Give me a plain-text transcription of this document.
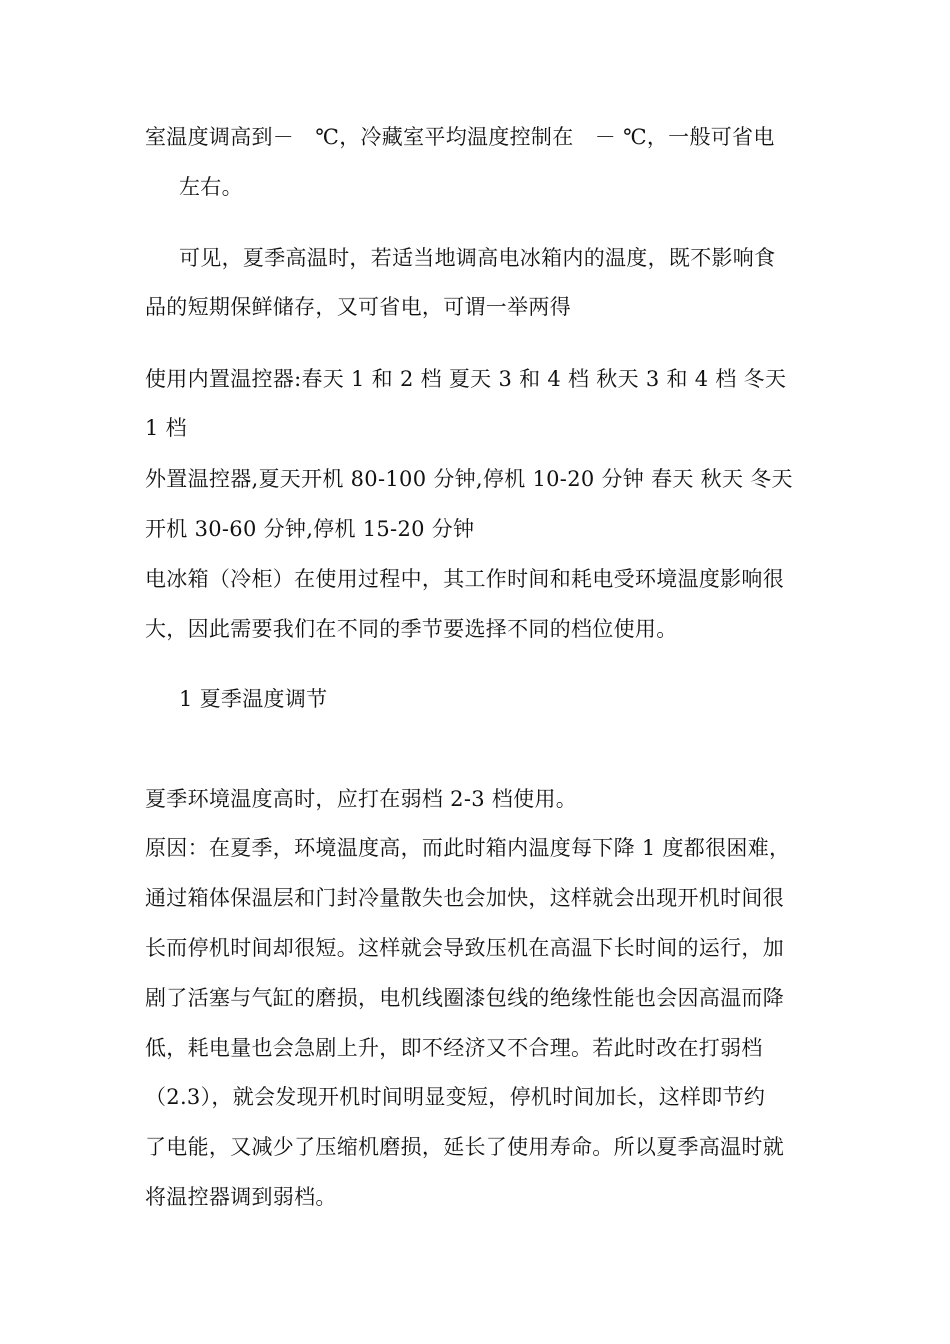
室温度调高到－　℃，冷藏室平均温度控制在　－ ℃，一般可省电
左右。
可见，夏季高温时，若适当地调高电冰箱内的温度，既不影响食
品的短期保鲜储存，又可省电，可谓一举两得
使用内置温控器:春天 1 和 2 档 夏天 3 和 4 档 秋天 3 和 4 档 冬天
1 档
外置温控器,夏天开机 80-100 分钟,停机 10-20 分钟 春天 秋天 冬天
开机 30-60 分钟,停机 15-20 分钟
电冰箱（冷柜）在使用过程中，其工作时间和耗电受环境温度影响很
大，因此需要我们在不同的季节要选择不同的档位使用。
1 夏季温度调节
夏季环境温度高时，应打在弱档 2-3 档使用。
原因：在夏季，环境温度高，而此时箱内温度每下降 1 度都很困难，
通过箱体保温层和门封冷量散失也会加快，这样就会出现开机时间很
长而停机时间却很短。这样就会导致压机在高温下长时间的运行，加
剧了活塞与气缸的磨损，电机线圈漆包线的绝缘性能也会因高温而降
低，耗电量也会急剧上升，即不经济又不合理。若此时改在打弱档
（2.3），就会发现开机时间明显变短，停机时间加长，这样即节约
了电能，又减少了压缩机磨损，延长了使用寿命。所以夏季高温时就
将温控器调到弱档。
